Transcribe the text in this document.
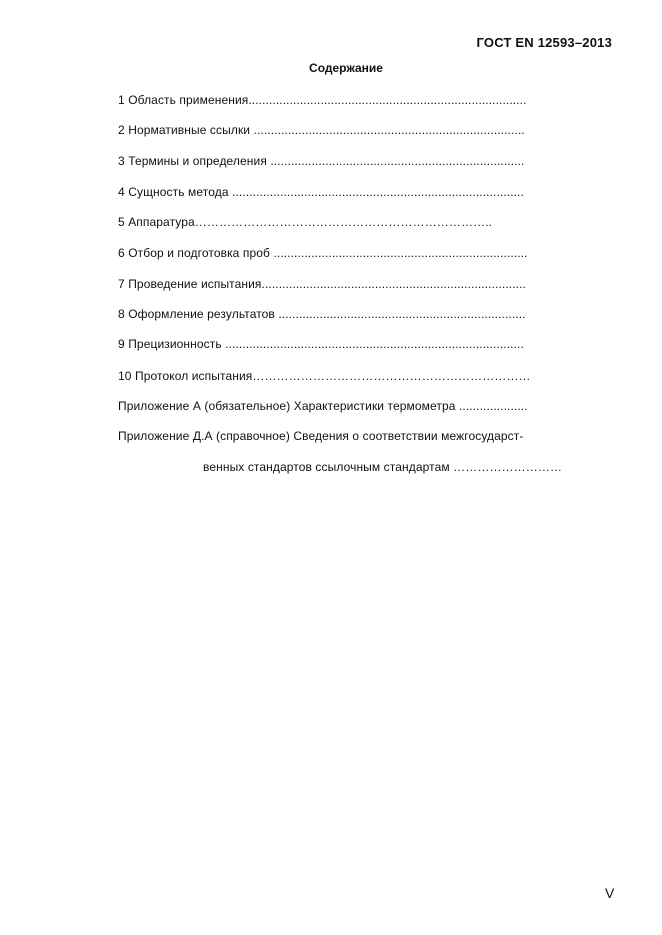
ГОСТ EN 12593–2013
Содержание
1 Область применения.................................................................................
2 Нормативные ссылки ...............................................................................
3 Термины и определения ..........................................................................
4 Сущность метода .....................................................................................
5 Аппаратура………………………………………………………………..
6 Отбор и подготовка проб ..........................................................................
7 Проведение испытания.............................................................................
8 Оформление результатов ........................................................................
9 Прецизионность .......................................................................................
10 Протокол испытания……………………………………………………………
Приложение А (обязательное) Характеристики термометра ....................
Приложение Д.А (справочное) Сведения о соответствии межгосударст-
венных стандартов ссылочным стандартам ………………………
V
